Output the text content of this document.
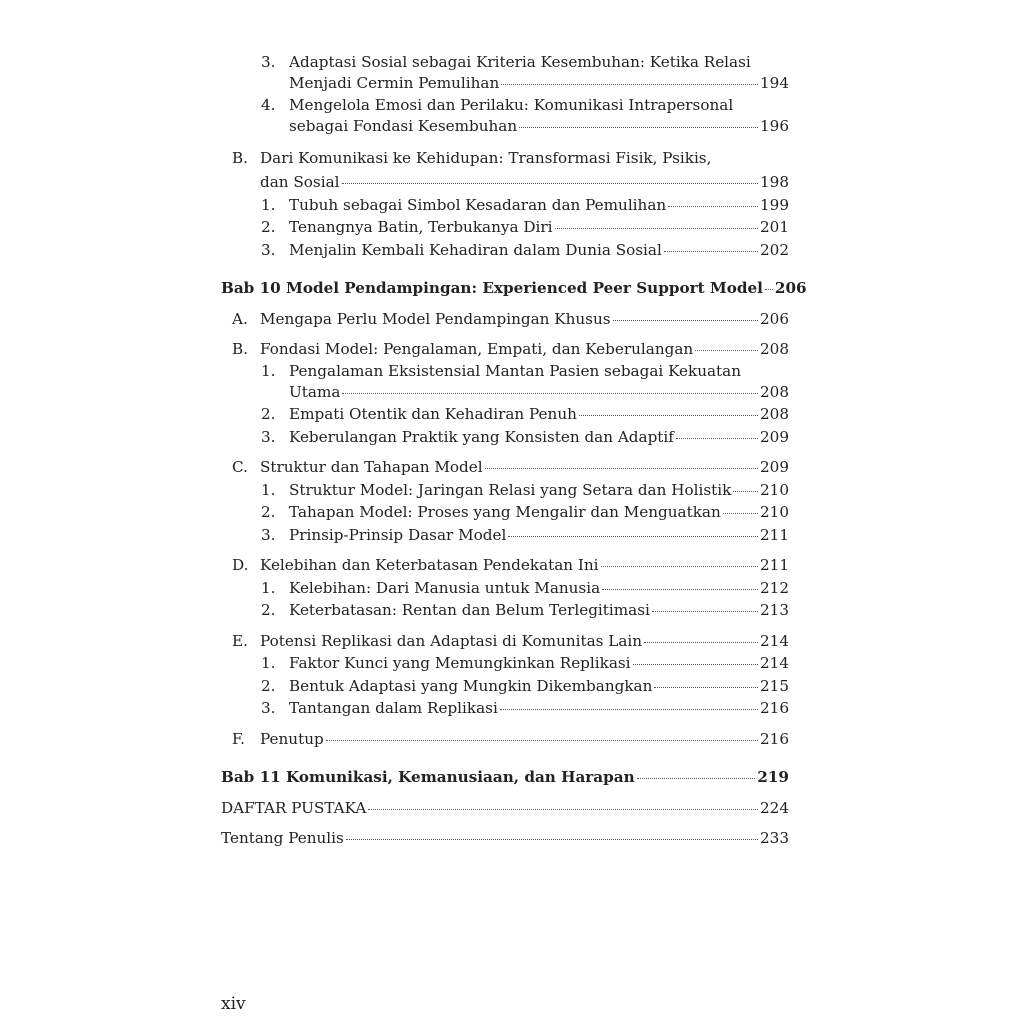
3. Adaptasi Sosial sebagai Kriteria Kesembuhan: Ketika Relasi
Menjadi Cermin Pemulihan	194
4. Mengelola Emosi dan Perilaku: Komunikasi Intrapersonal
sebagai Fondasi Kesembuhan	196
B. Dari Komunikasi ke Kehidupan: Transformasi Fisik, Psikis,
dan Sosial	198
1. Tubuh sebagai Simbol Kesadaran dan Pemulihan	199
2. Tenangnya Batin, Terbukanya Diri	201
3. Menjalin Kembali Kehadiran dalam Dunia Sosial	202
Bab 10 Model Pendampingan: Experienced Peer Support Model 206
A. Mengapa Perlu Model Pendampingan Khusus	206
B. Fondasi Model: Pengalaman, Empati, dan Keberulangan	208
1. Pengalaman Eksistensial Mantan Pasien sebagai Kekuatan
Utama	208
2. Empati Otentik dan Kehadiran Penuh	208
3. Keberulangan Praktik yang Konsisten dan Adaptif	209
C. Struktur dan Tahapan Model	209
1. Struktur Model: Jaringan Relasi yang Setara dan Holistik 210
2. Tahapan Model: Proses yang Mengalir dan Menguatkan	210
3. Prinsip-Prinsip Dasar Model	211
D. Kelebihan dan Keterbatasan Pendekatan Ini	211
1. Kelebihan: Dari Manusia untuk Manusia	212
2. Keterbatasan: Rentan dan Belum Terlegitimasi	213
E. Potensi Replikasi dan Adaptasi di Komunitas Lain	214
1. Faktor Kunci yang Memungkinkan Replikasi	214
2. Bentuk Adaptasi yang Mungkin Dikembangkan	215
3. Tantangan dalam Replikasi	216
F. Penutup	216
Bab 11 Komunikasi, Kemanusiaan, dan Harapan	219
DAFTAR PUSTAKA	224
Tentang Penulis	233
xiv
